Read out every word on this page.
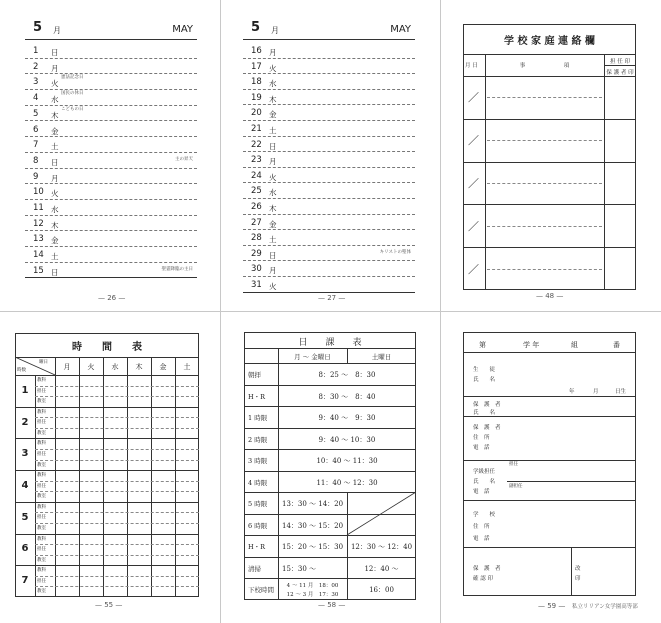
5 月	MAY
1 日
2 月
3 火
憲法記念日
4 水
国民の休日
5 木
こどもの日
6 金
7 土
8 日	主の昇天
9 月
10 火
11 水
12 木
13 金
14 土
15 日	聖霊降臨の主日
— 26 —
5 月	MAY
16 月
17 火
18 水
19 木
20 金
21 土
22 日
23 月
24 火
25 水
26 木
27 金
28 土
29 日	キリストの聖体
30 月
31 火
— 27 —
学 校 家 庭 連 絡 欄
月 日	事　　　　　　　項
担 任 印
保 護 者 印
／
／
／
／
／
— 48 —
時　　間　　表
曜日
時数	月	火	水	木	金	土
1
教科
担任
教室
2
教科
担任
教室
3
教科
担任
教室
4
教科
担任
教室
5
教科
担任
教室
6
教科
担任
教室
7
教科
担任
教室
— 55 —
日　　課　　表
月 〜 金曜日	土曜日
朝拝	8：25 〜　8：30
H・R	8：30 〜　8：40
1 時限	9：40 〜　9：30
2 時限	9：40 〜 10：30
3 時限	10：40 〜 11：30
4 時限	11：40 〜 12：30
5 時限 13：30 〜 14：20
6 時限 14：30 〜 15：20
H・R 15：20 〜 15：30	12：30 〜 12：40
清掃	15：30 〜	12：40 〜
下校時間	4 〜 11 月　18：00
12 〜 3 月　17：30
16：00
— 58 —
第	学 年	組	番
生　　徒
氏　　名
年	月	日生
保　護　者
氏　　名
保　護　者
住　所
電　話
学級担任
氏　　名
電　話
担任
副担任
学　　校
住　所
電　話
保　護　者
確 認 印
改
印
— 59 — 私立リリアン女学園高等部
